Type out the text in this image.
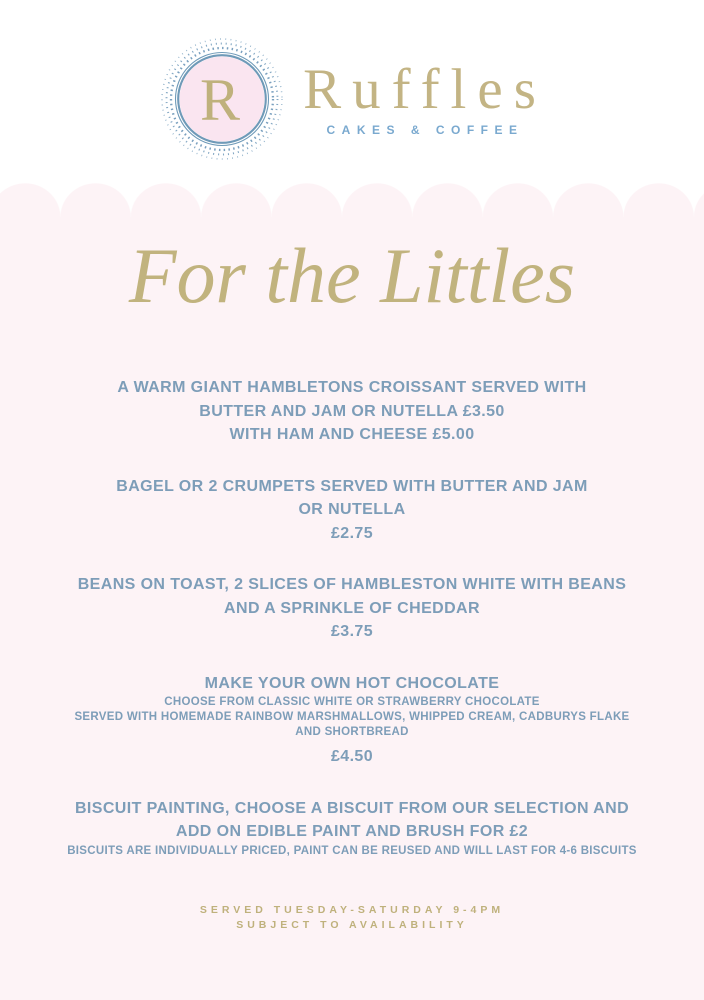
R Ruffles
CAKES & COFFEE
For the Littles
A WARM GIANT HAMBLETONS CROISSANT SERVED WITH
BUTTER AND JAM OR NUTELLA £3.50
WITH HAM AND CHEESE £5.00
BAGEL OR 2 CRUMPETS SERVED WITH BUTTER AND JAM
OR NUTELLA
£2.75
BEANS ON TOAST, 2 SLICES OF HAMBLESTON WHITE WITH BEANS
AND A SPRINKLE OF CHEDDAR
£3.75
MAKE YOUR OWN HOT CHOCOLATE
CHOOSE FROM CLASSIC WHITE OR STRAWBERRY CHOCOLATE
SERVED WITH HOMEMADE RAINBOW MARSHMALLOWS, WHIPPED CREAM, CADBURYS FLAKE
AND SHORTBREAD
£4.50
BISCUIT PAINTING, CHOOSE A BISCUIT FROM OUR SELECTION AND
ADD ON EDIBLE PAINT AND BRUSH FOR £2
BISCUITS ARE INDIVIDUALLY PRICED, PAINT CAN BE REUSED AND WILL LAST FOR 4-6 BISCUITS
SERVED TUESDAY-SATURDAY 9-4PM
SUBJECT TO AVAILABILITY
